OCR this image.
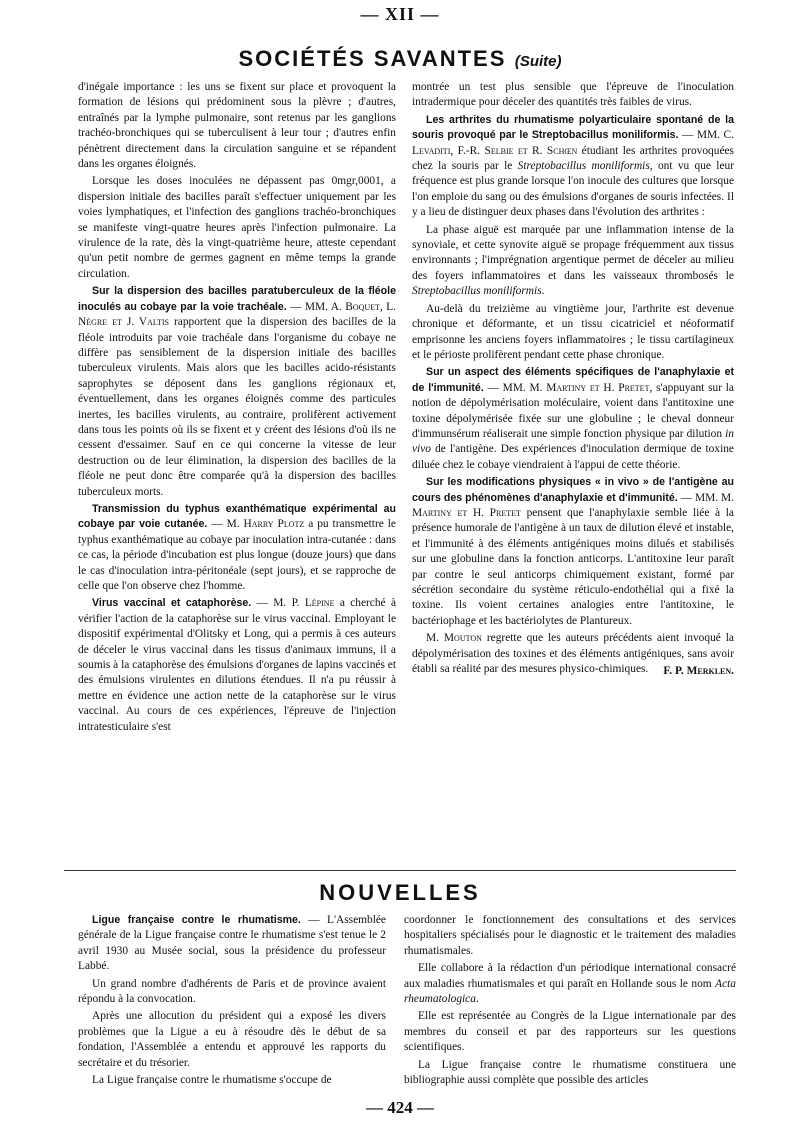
— XII —
SOCIÉTÉS SAVANTES (Suite)

d'inégale importance : les uns se fixent sur place et provoquent la formation de lésions qui prédominent sous la plèvre ; d'autres, entraînés par la lymphe pulmonaire, sont retenus par les ganglions trachéo-bronchiques qui se tuberculisent à leur tour ; d'autres enfin pénètrent directement dans la circulation sanguine et se répandent dans les organes éloignés.

Lorsque les doses inoculées ne dépassent pas 0mgr,0001, a dispersion initiale des bacilles paraît s'effectuer uniquement par les voies lymphatiques, et l'infection des ganglions trachéo-bronchiques se manifeste vingt-quatre heures après l'infection pulmonaire. La virulence de la rate, dès la vingt-quatrième heure, atteste cependant qu'un petit nombre de germes gagnent en même temps la grande circulation.

Sur la dispersion des bacilles paratuberculeux de la fléole inoculés au cobaye par la voie trachéale. — MM. A. Boquet, L. Nègre et J. Valtis rapportent que la dispersion des bacilles de la fléole introduits par voie trachéale dans l'organisme du cobaye ne diffère pas sensiblement de la dispersion initiale des bacilles tuberculeux virulents. Mais alors que les bacilles acido-résistants saprophytes se déposent dans les ganglions régionaux et, éventuellement, dans les organes éloignés comme des particules inertes, les bacilles virulents, au contraire, prolifèrent activement dans tous les points où ils se fixent et y créent des lésions d'où ils ne cessent d'essaimer. Sauf en ce qui concerne la vitesse de leur destruction ou de leur élimination, la dispersion des bacilles de la fléole ne peut donc être comparée qu'à la dispersion des bacilles tuberculeux morts.

Transmission du typhus exanthématique expérimental au cobaye par voie cutanée. — M. Harry Plotz a pu transmettre le typhus exanthématique au cobaye par inoculation intra-cutanée : dans ce cas, la période d'incubation est plus longue (douze jours) que dans le cas d'inoculation intra-péritonéale (sept jours), et se rapproche de celle que l'on observe chez l'homme.

Virus vaccinal et cataphorèse. — M. P. Lépine a cherché à vérifier l'action de la cataphorèse sur le virus vaccinal. Employant le dispositif expérimental d'Olitsky et Long, qui a permis à ces auteurs de déceler le virus vaccinal dans les tissus d'animaux immuns, il a soumis à la cataphorèse des émulsions d'organes de lapins vaccinés et des émulsions virulentes en dilutions étendues. Il n'a pu réussir à mettre en évidence une action nette de la cataphorèse sur le virus vaccinal. Au cours de ces expériences, l'épreuve de l'injection intratesticulaire s'est

montrée un test plus sensible que l'épreuve de l'inoculation intradermique pour déceler des quantités très faibles de virus.

Les arthrites du rhumatisme polyarticulaire spontané de la souris provoqué par le Streptobacillus moniliformis. — MM. C. Levaditi, F.-R. Selbie et R. Schœn étudiant les arthrites provoquées chez la souris par le Streptobacillus moniliformis, ont vu que leur fréquence est plus grande lorsque l'on inocule des cultures que lorsque l'on emploie du sang ou des émulsions d'organes de souris infectées. Il y a lieu de distinguer deux phases dans l'évolution des arthrites :

La phase aiguë est marquée par une inflammation intense de la synoviale, et cette synovite aiguë se propage fréquemment aux tissus environnants ; l'imprégnation argentique permet de déceler au milieu des foyers inflammatoires et dans les vaisseaux thrombosés le Streptobacillus moniliformis.

Au-delà du treizième au vingtième jour, l'arthrite est devenue chronique et déformante, et un tissu cicatriciel et néoformatif emprisonne les anciens foyers inflammatoires ; le tissu cartilagineux et le périoste prolifèrent pendant cette phase chronique.

Sur un aspect des éléments spécifiques de l'anaphylaxie et de l'immunité. — MM. M. Martiny et H. Pretet, s'appuyant sur la notion de dépolymérisation moléculaire, voient dans l'antitoxine une toxine dépolymérisée fixée sur une globuline ; le cheval donneur d'immunsérum réaliserait une simple fonction physique par dilution in vivo de l'antigène. Des expériences d'inoculation dermique de toxine diluée chez le cobaye viendraient à l'appui de cette théorie.

Sur les modifications physiques « in vivo » de l'antigène au cours des phénomènes d'anaphylaxie et d'immunité. — MM. M. Martiny et H. Pretet pensent que l'anaphylaxie semble liée à la présence humorale de l'antigène à un taux de dilution élevé et instable, et l'immunité à des éléments antigéniques moins dilués et stabilisés sur une globuline dans la fonction anticorps. L'antitoxine leur paraît par contre le seul anticorps chimiquement existant, formé par sécrétion secondaire du système réticulo-endothélial qui a fixé la toxine. Ils voient certaines analogies entre l'antitoxine, le bactériophage et les bactériolytes de Plantureux.

M. Mouton regrette que les auteurs précédents aient invoqué la dépolymérisation des toxines et des éléments antigéniques, sans avoir établi sa réalité par des mesures physico-chimiques.	F. P. Merklen.
NOUVELLES

Ligue française contre le rhumatisme. — L'Assemblée générale de la Ligue française contre le rhumatisme s'est tenue le 2 avril 1930 au Musée social, sous la présidence du professeur Labbé.

Un grand nombre d'adhérents de Paris et de province avaient répondu à la convocation.

Après une allocution du président qui a exposé les divers problèmes que la Ligue a eu à résoudre dès le début de sa fondation, l'Assemblée a entendu et approuvé les rapports du secrétaire et du trésorier.

La Ligue française contre le rhumatisme s'occupe de

coordonner le fonctionnement des consultations et des services hospitaliers spécialisés pour le diagnostic et le traitement des maladies rhumatismales.

Elle collabore à la rédaction d'un périodique international consacré aux maladies rhumatismales et qui paraît en Hollande sous le nom Acta rheumatologica.

Elle est représentée au Congrès de la Ligue internationale par des membres du conseil et par des rapporteurs sur les questions scientifiques.

La Ligue française contre le rhumatisme constituera une bibliographie aussi complète que possible des articles

— 424 —
